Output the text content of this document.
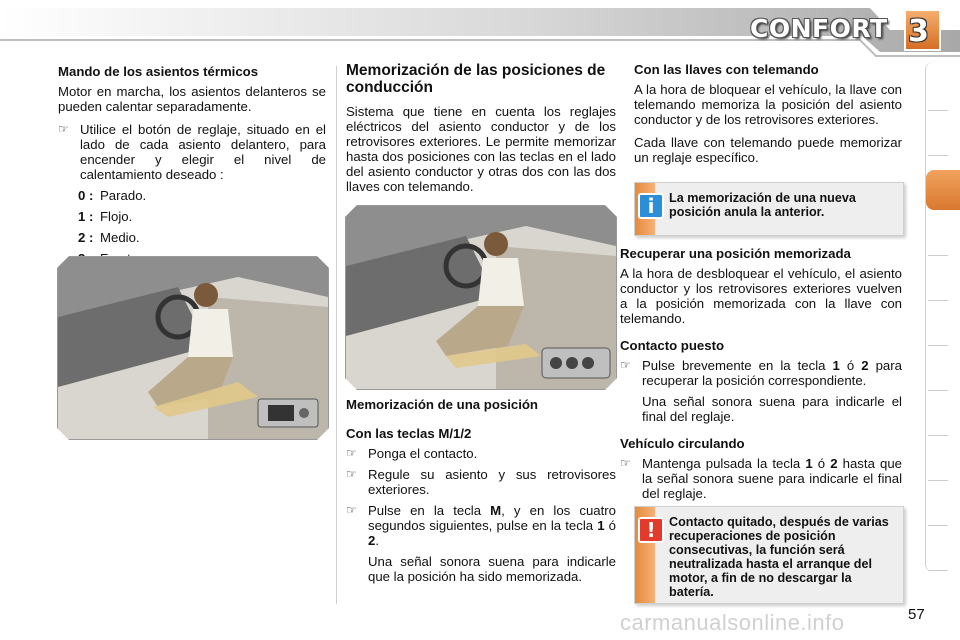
CONFORT 3
Mando de los asientos térmicos

Motor en marcha, los asientos delanteros se pueden calentar separadamente.

☞ Utilice el botón de reglaje, situado en el lado de cada asiento delantero, para encender y elegir el nivel de calentamiento deseado :
0 : Parado.
1 : Flojo.
2 : Medio.
Memorización de las posiciones de conducción

Sistema que tiene en cuenta los reglajes eléctricos del asiento conductor y de los retrovisores exteriores. Le permite memorizar hasta dos posiciones con las teclas en el lado del asiento conductor y otras dos con las dos llaves con telemando.

Memorización de una posición
Con las teclas M/1/2
☞ Ponga el contacto.
☞ Regule su asiento y sus retrovisores exteriores.
☞ Pulse en la tecla M, y en los cuatro segundos siguientes, pulse en la tecla 1 ó 2.

Una señal sonora suena para indicarle que la posición ha sido memorizada.

Con las llaves con telemando

A la hora de bloquear el vehículo, la llave con telemando memoriza la posición del asiento conductor y de los retrovisores exteriores.

Cada llave con telemando puede memorizar un reglaje específico.

i	La memorización de una nueva posición anula la anterior.
Recuperar una posición memorizada

A la hora de desbloquear el vehículo, el asiento conductor y los retrovisores exteriores vuelven a la posición memorizada con la llave con telemando.

Contacto puesto
☞ Pulse brevemente en la tecla 1 ó 2 para recuperar la posición correspondiente.

Una señal sonora suena para indicarle el final del reglaje.

Vehículo circulando
☞ Mantenga pulsada la tecla 1 ó 2 hasta que la señal sonora suene para indicarle el final del reglaje.
!	Contacto quitado, después de varias recuperaciones de posición consecutivas, la función será neutralizada hasta el arranque del motor, a fin de no descargar la batería.
carmanualsonline.info	57
